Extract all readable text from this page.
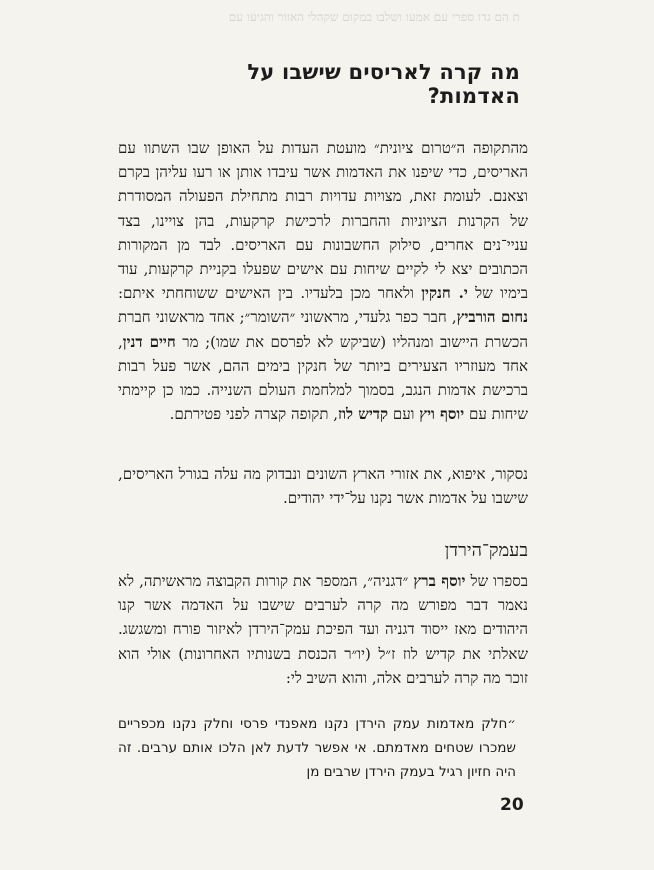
ת הם גדו ספרי עם אמעו ושלבו במקום שקהלי האזור והגיעו עם
מה קרה לאריסים שישבו על האדמות?
מהתקופה ה״טרום ציונית״ מועטת העדות על האופן שבו השתוו עם האריסים, כדי שיפנו את האדמות אשר עיבדו אותן או רעו עליהן בקרם וצאנם. לעומת זאת, מצויות עדויות רבות מתחילת הפעולה המסודרת של הקרנות הציוניות והחברות לרכישת קרקעות, בהן צויינו, בצד עניי־נים אחרים, סילוק החשבונות עם האריסים. לבד מן המקורות הכתובים יצא לי לקיים שיחות עם אישים שפעלו בקניית קרקעות, עוד בימיו של י. חנקין ולאחר מכן בלעדיו. בין האישים ששוחחתי איתם: נחום הורביץ, חבר כפר גלעדי, מראשוני ״השומר״; אחד מראשוני חברת הכשרת היישוב ומנהליו (שביקש לא לפרסם את שמו); מר חיים דנין, אחד מעוזריו הצעירים ביותר של חנקין בימים ההם, אשר פעל רבות ברכישת אדמות הנגב, בסמוך למלחמת העולם השנייה. כמו כן קיימתי שיחות עם יוסף ויץ ועם קדיש לוז, תקופה קצרה לפני פטירתם.
נסקור, איפוא, את אזורי הארץ השונים ונבדוק מה עלה בגורל האריסים, שישבו על אדמות אשר נקנו על־ידי יהודים.
בעמק־הירדן
בספרו של יוסף ברץ ״דגניה״, המספר את קורות הקבוצה מראשיתה, לא נאמר דבר מפורש מה קרה לערבים שישבו על האדמה אשר קנו היהודים מאז ייסוד דגניה ועד הפיכת עמק־הירדן לאיזור פורח ומשגשג. שאלתי את קדיש לוז ז״ל (יו״ר הכנסת בשנותיו האחרונות) אולי הוא זוכר מה קרה לערבים אלה, והוא השיב לי:
״חלק מאדמות עמק הירדן נקנו מאפנדי פרסי וחלק נקנו מכפריים שמכרו שטחים מאדמתם. אי אפשר לדעת לאן הלכו אותם ערבים. זה היה חזיון רגיל בעמק הירדן שרבים מן
20
